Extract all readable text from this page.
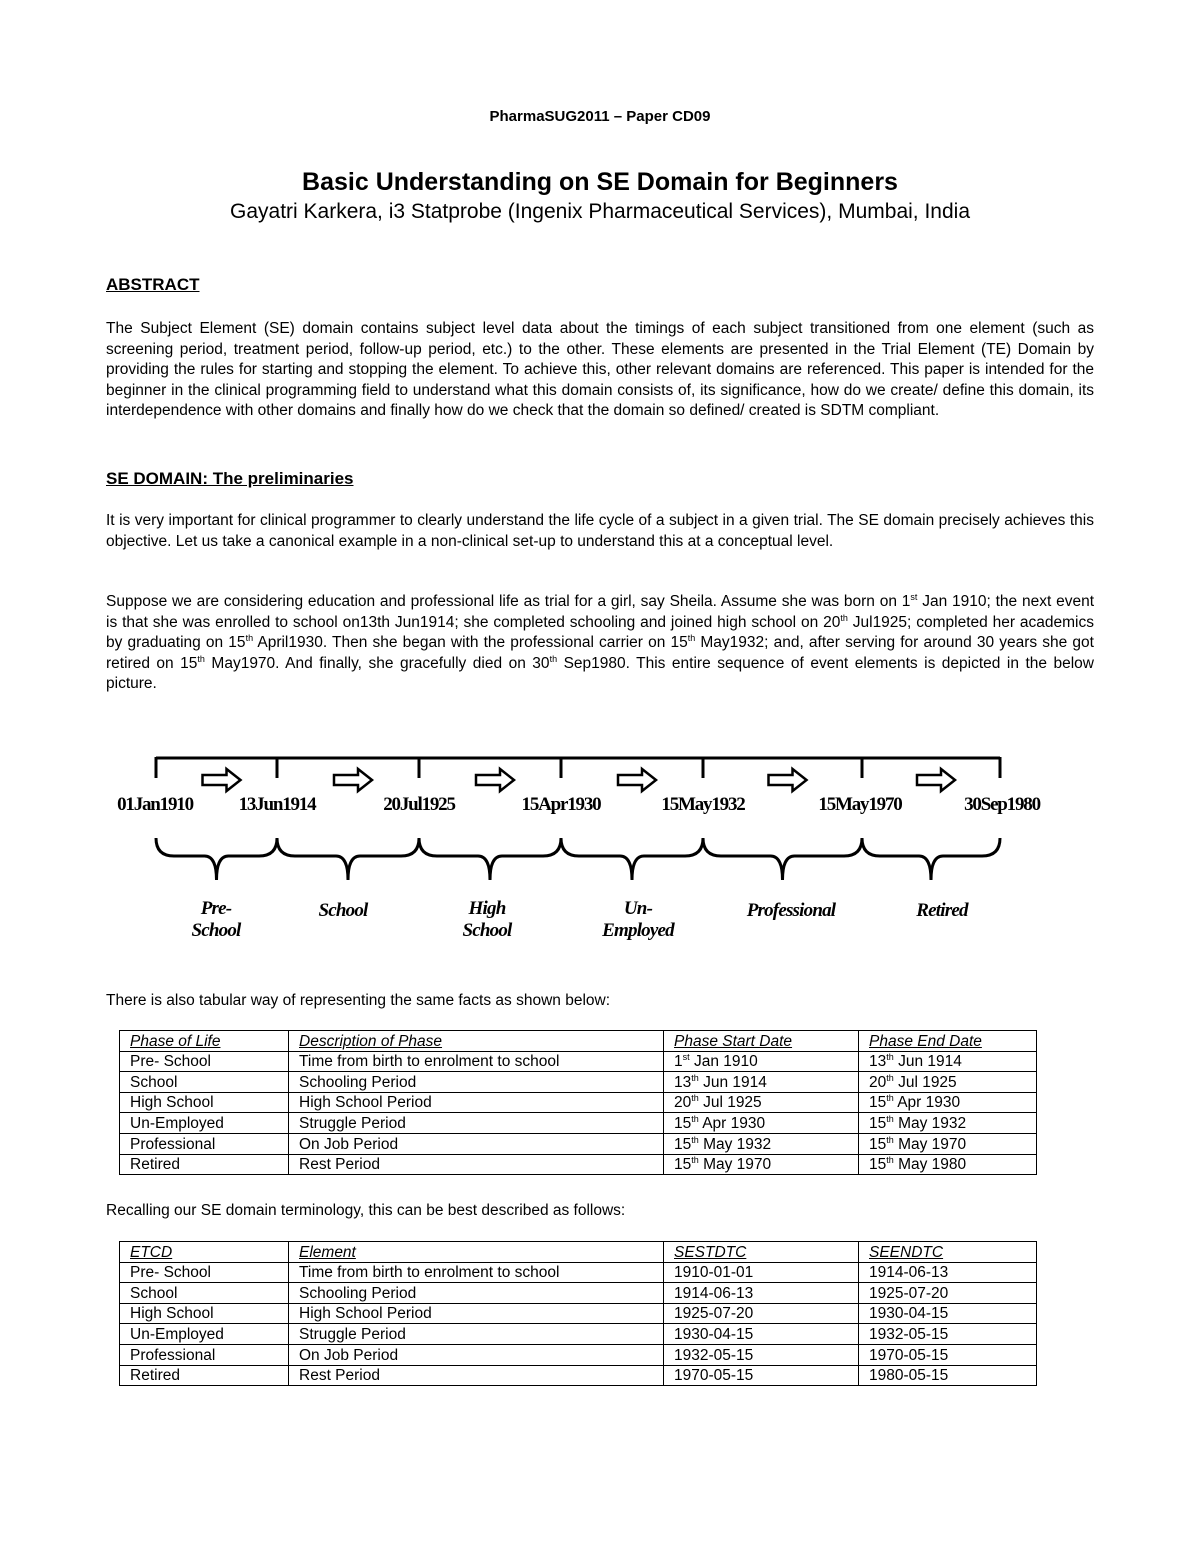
PharmaSUG2011 – Paper CD09
Basic Understanding on SE Domain for Beginners
Gayatri Karkera, i3 Statprobe (Ingenix Pharmaceutical Services), Mumbai, India
ABSTRACT
The Subject Element (SE) domain contains subject level data about the timings of each subject transitioned from one element (such as screening period, treatment period, follow-up period, etc.) to the other. These elements are presented in the Trial Element (TE) Domain by providing the rules for starting and stopping the element. To achieve this, other relevant domains are referenced. This paper is intended for the beginner in the clinical programming field to understand what this domain consists of, its significance, how do we create/ define this domain, its interdependence with other domains and finally how do we check that the domain so defined/ created is SDTM compliant.
SE DOMAIN: The preliminaries
It is very important for clinical programmer to clearly understand the life cycle of a subject in a given trial. The SE domain precisely achieves this objective. Let us take a canonical example in a non-clinical set-up to understand this at a conceptual level.
Suppose we are considering education and professional life as trial for a girl, say Sheila. Assume she was born on 1st Jan 1910; the next event is that she was enrolled to school on13th Jun1914; she completed schooling and joined high school on 20th Jul1925; completed her academics by graduating on 15th April1930. Then she began with the professional carrier on 15th May1932; and, after serving for around 30 years she got retired on 15th May1970. And finally, she gracefully died on 30th Sep1980. This entire sequence of event elements is depicted in the below picture.
01Jan1910 13Jun1914	20Jul1925	15Apr1930	15May1932	15May1970	30Sep1980
Pre-
School
School	High
School
Un-
Employed
Professional	Retired
There is also tabular way of representing the same facts as shown below:
Phase of Life	Description of Phase	Phase Start Date	Phase End Date
Pre- School	Time from birth to enrolment to school	1st Jan 1910	13th Jun 1914
School	Schooling Period	13th Jun 1914	20th Jul 1925
High School	High School Period	20th Jul 1925	15th Apr 1930
Un-Employed	Struggle Period	15th Apr 1930	15th May 1932
Professional	On Job Period	15th May 1932	15th May 1970
Retired	Rest Period	15th May 1970	15th May 1980
Recalling our SE domain terminology, this can be best described as follows:
ETCD	Element	SESTDTC	SEENDTC
Pre- School	Time from birth to enrolment to school	1910-01-01	1914-06-13
School	Schooling Period	1914-06-13	1925-07-20
High School	High School Period	1925-07-20	1930-04-15
Un-Employed	Struggle Period	1930-04-15	1932-05-15
Professional	On Job Period	1932-05-15	1970-05-15
Retired	Rest Period	1970-05-15	1980-05-15
